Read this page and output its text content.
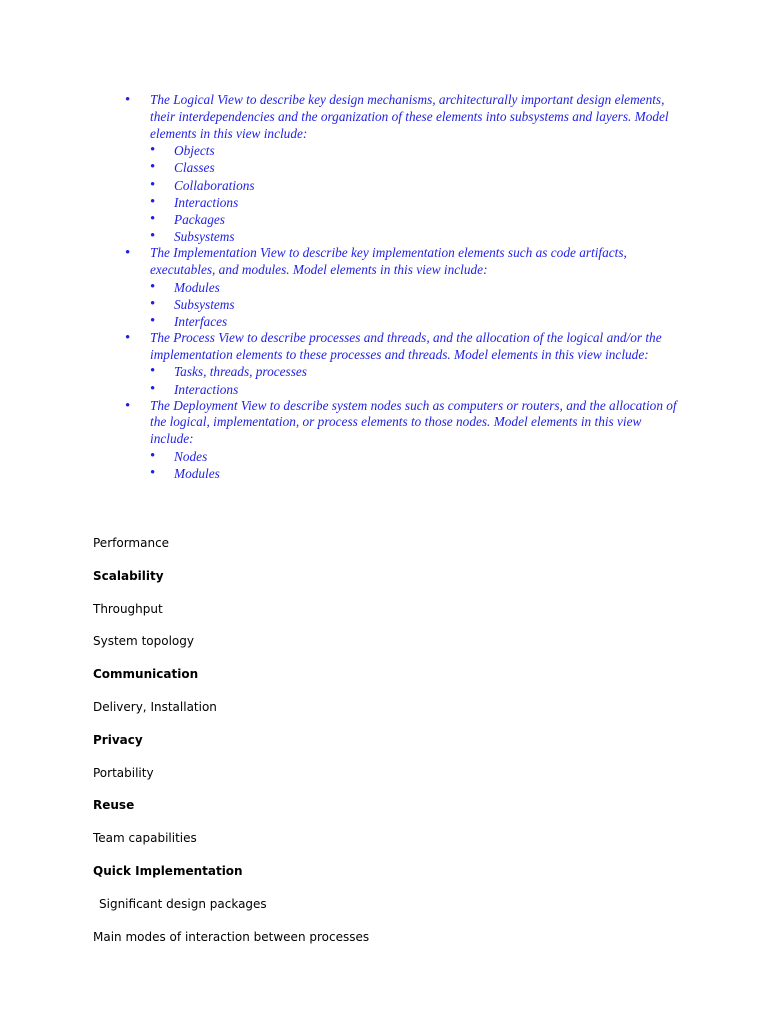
• The Logical View to describe key design mechanisms, architecturally important design elements, their interdependencies and the organization of these elements into subsystems and layers. Model elements in this view include:
• Objects
• Classes
• Collaborations
• Interactions
• Packages
• Subsystems
• The Implementation View to describe key implementation elements such as code artifacts, executables, and modules. Model elements in this view include:
• Modules
• Subsystems
• Interfaces
• The Process View to describe processes and threads, and the allocation of the logical and/or the implementation elements to these processes and threads. Model elements in this view include:
• Tasks, threads, processes
• Interactions
• The Deployment View to describe system nodes such as computers or routers, and the allocation of the logical, implementation, or process elements to those nodes. Model elements in this view include:
• Nodes
• Modules
Performance
Scalability
Throughput
System topology
Communication
Delivery, Installation
Privacy
Portability
Reuse
Team capabilities
Quick Implementation
Significant design packages
Main modes of interaction between processes
